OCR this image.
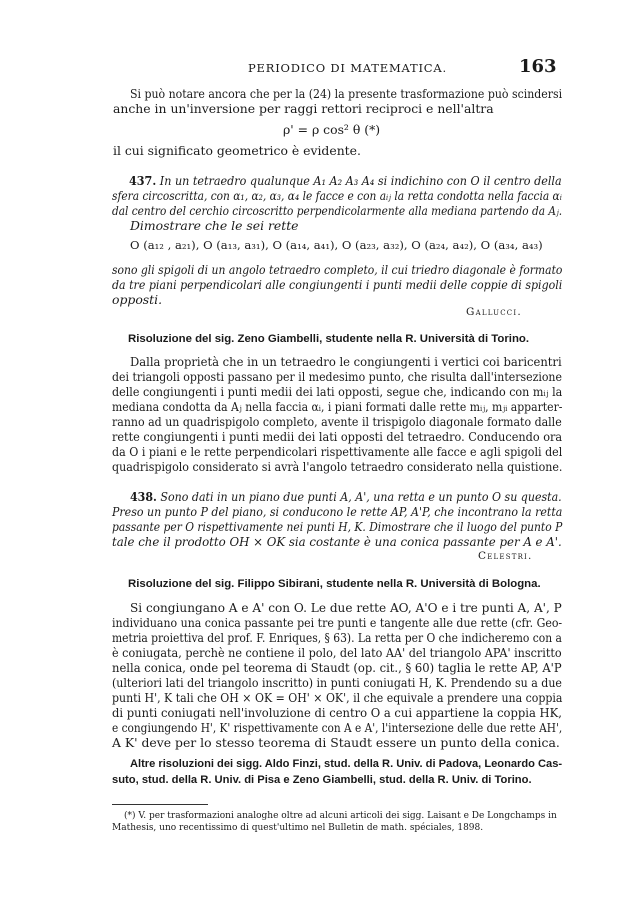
PERIODICO DI MATEMATICA.	163
Si può notare ancora che per la (24) la presente trasformazione può scindersi
anche in un'inversione per raggi rettori reciproci e nell'altra
ρ' = ρ cos² θ (*)
il cui significato geometrico è evidente.
437. In un tetraedro qualunque A₁ A₂ A₃ A₄ si indichino con O il centro della
sfera circoscritta, con α₁, α₂, α₃, α₄ le facce e con aᵢⱼ la retta condotta nella faccia αᵢ
dal centro del cerchio circoscritto perpendicolarmente alla mediana partendo da Aⱼ.
Dimostrare che le sei rette
O (a₁₂ , a₂₁), O (a₁₃, a₃₁), O (a₁₄, a₄₁), O (a₂₃, a₃₂), O (a₂₄, a₄₂), O (a₃₄, a₄₃)
sono gli spigoli di un angolo tetraedro completo, il cui triedro diagonale è formato
da tre piani perpendicolari alle congiungenti i punti medii delle coppie di spigoli
opposti.
Gallucci.
Risoluzione del sig. Zeno Giambelli, studente nella R. Università di Torino.
Dalla proprietà che in un tetraedro le congiungenti i vertici coi baricentri
dei triangoli opposti passano per il medesimo punto, che risulta dall'intersezione
delle congiungenti i punti medii dei lati opposti, segue che, indicando con mᵢⱼ la
mediana condotta da Aⱼ nella faccia αᵢ, i piani formati dalle rette mᵢⱼ, mⱼᵢ apparter-
ranno ad un quadrispigolo completo, avente il trispigolo diagonale formato dalle
rette congiungenti i punti medii dei lati opposti del tetraedro. Conducendo ora
da O i piani e le rette perpendicolari rispettivamente alle facce e agli spigoli del
quadrispigolo considerato si avrà l'angolo tetraedro considerato nella quistione.
438. Sono dati in un piano due punti A, A', una retta e un punto O su questa.
Preso un punto P del piano, si conducono le rette AP, A'P, che incontrano la retta
passante per O rispettivamente nei punti H, K. Dimostrare che il luogo del punto P
tale che il prodotto OH × OK sia costante è una conica passante per A e A'.
Celestri.
Risoluzione del sig. Filippo Sibirani, studente nella R. Università di Bologna.
Si congiungano A e A' con O. Le due rette AO, A'O e i tre punti A, A', P
individuano una conica passante pei tre punti e tangente alle due rette (cfr. Geo-
metria proiettiva del prof. F. Enriques, § 63). La retta per O che indicheremo con a
è coniugata, perchè ne contiene il polo, del lato AA' del triangolo APA' inscritto
nella conica, onde pel teorema di Staudt (op. cit., § 60) taglia le rette AP, A'P
(ulteriori lati del triangolo inscritto) in punti coniugati H, K. Prendendo su a due
punti H', K tali che OH × OK = OH' × OK', il che equivale a prendere una coppia
di punti coniugati nell'involuzione di centro O a cui appartiene la coppia HK,
e congiungendo H', K' rispettivamente con A e A', l'intersezione delle due rette AH',
A K' deve per lo stesso teorema di Staudt essere un punto della conica.
Altre risoluzioni dei sigg. Aldo Finzi, stud. della R. Univ. di Padova, Leonardo Cas-
suto, stud. della R. Univ. di Pisa e Zeno Giambelli, stud. della R. Univ. di Torino.
(*) V. per trasformazioni analoghe oltre ad alcuni articoli dei sigg. Laisant e De Longchamps in
Mathesis, uno recentissimo di quest'ultimo nel Bulletin de math. spéciales, 1898.
